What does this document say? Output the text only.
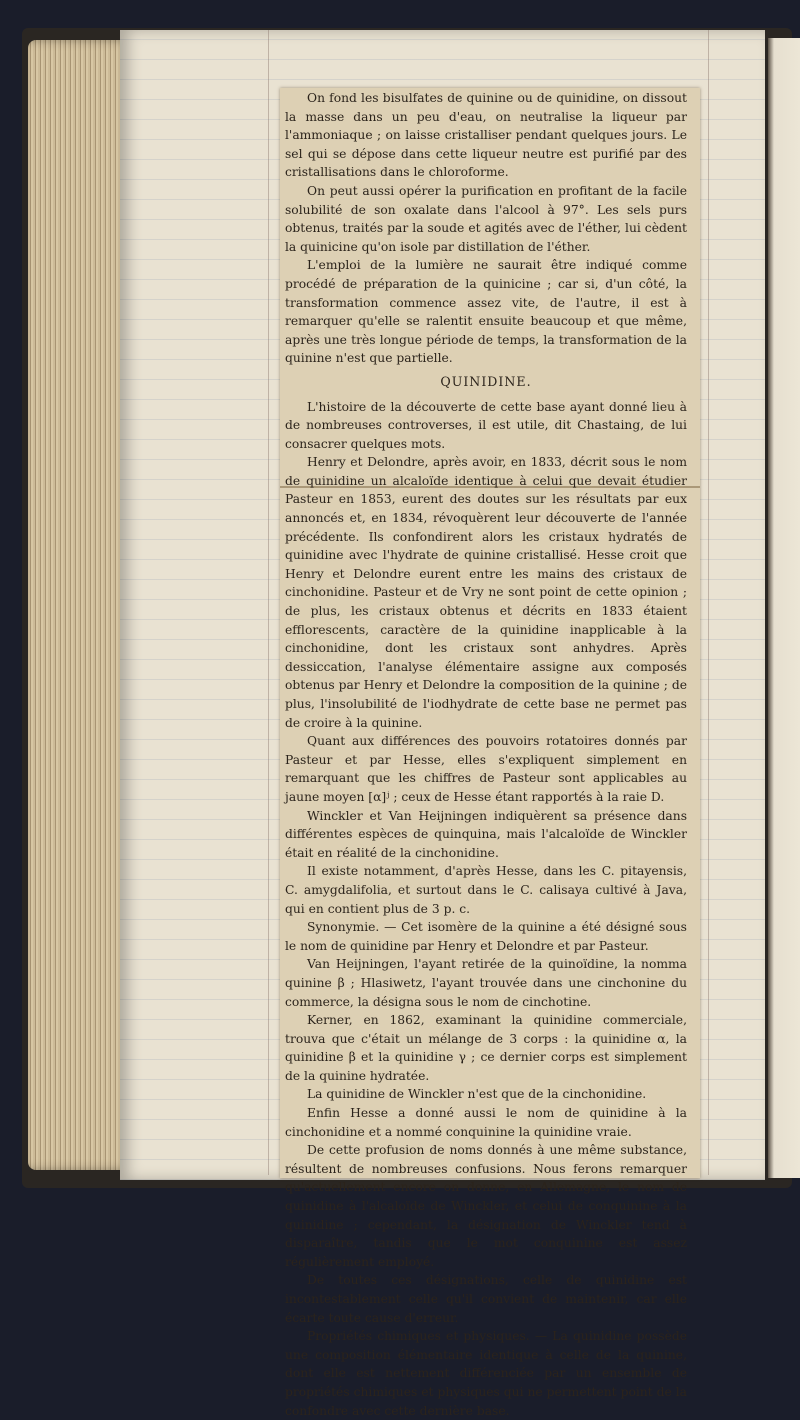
On fond les bisulfates de quinine ou de quinidine, on dissout la masse dans un peu d'eau, on neutralise la liqueur par l'ammoniaque ; on laisse cristalliser pendant quelques jours. Le sel qui se dépose dans cette liqueur neutre est purifié par des cristallisations dans le chloroforme.

On peut aussi opérer la purification en profitant de la facile solubilité de son oxalate dans l'alcool à 97°. Les sels purs obtenus, traités par la soude et agités avec de l'éther, lui cèdent la quinicine qu'on isole par distillation de l'éther.

L'emploi de la lumière ne saurait être indiqué comme procédé de préparation de la quinicine ; car si, d'un côté, la transformation commence assez vite, de l'autre, il est à remarquer qu'elle se ralentit ensuite beaucoup et que même, après une très longue période de temps, la transformation de la quinine n'est que partielle.

QUINIDINE.

L'histoire de la découverte de cette base ayant donné lieu à de nombreuses controverses, il est utile, dit Chastaing, de lui consacrer quelques mots.

Henry et Delondre, après avoir, en 1833, décrit sous le nom de quinidine un alcaloïde identique à celui que devait étudier Pasteur en 1853, eurent des doutes sur les résultats par eux annoncés et, en 1834, révoquèrent leur découverte de l'année précédente. Ils confondirent alors les cristaux hydratés de quinidine avec l'hydrate de quinine cristallisé. Hesse croit que Henry et Delondre eurent entre les mains des cristaux de cinchonidine. Pasteur et de Vry ne sont point de cette opinion ; de plus, les cristaux obtenus et décrits en 1833 étaient efflorescents, caractère de la quinidine inapplicable à la cinchonidine, dont les cristaux sont anhydres. Après dessiccation, l'analyse élémentaire assigne aux composés obtenus par Henry et Delondre la composition de la quinine ; de plus, l'insolubilité de l'iodhydrate de cette base ne permet pas de croire à la quinine.

Quant aux différences des pouvoirs rotatoires donnés par Pasteur et par Hesse, elles s'expliquent simplement en remarquant que les chiffres de Pasteur sont applicables au jaune moyen [α]ʲ ; ceux de Hesse étant rapportés à la raie D.

Winckler et Van Heijningen indiquèrent sa présence dans différentes espèces de quinquina, mais l'alcaloïde de Winckler était en réalité de la cinchonidine.

Il existe notamment, d'après Hesse, dans les C. pitayensis, C. amygdalifolia, et surtout dans le C. calisaya cultivé à Java, qui en contient plus de 3 p. c.

Synonymie. — Cet isomère de la quinine a été désigné sous le nom de quinidine par Henry et Delondre et par Pasteur.

Van Heijningen, l'ayant retirée de la quinoïdine, la nomma quinine β ; Hlasiwetz, l'ayant trouvée dans une cinchonine du commerce, la désigna sous le nom de cinchotine.

Kerner, en 1862, examinant la quinidine commerciale, trouva que c'était un mélange de 3 corps : la quinidine α, la quinidine β et la quinidine γ ; ce dernier corps est simplement de la quinine hydratée.

La quinidine de Winckler n'est que de la cinchonidine.

Enfin Hesse a donné aussi le nom de quinidine à la cinchonidine et a nommé conquinine la quinidine vraie.

De cette profusion de noms donnés à une même substance, résultent de nombreuses confusions. Nous ferons remarquer qu'actuellement encore on donne, en Allemagne, le nom de quinidine à l'alcaloïde de Winckler, et celui de conquinine à la quinidine ; cependant, la désignation de Winckler tend à disparaître, tandis que le mot conquinine est assez régulièrement employé.

De toutes ces désignations, celle de quinidine est incontestablement celle qu'il convient de maintenir, car elle écarte toute cause d'erreur.

Propriétés chimiques et physiques. — La quinidine possède une composition élémentaire identique à celle de la quinine, dont elle est nettement différenciée par un ensemble de propriétés chimiques et physiques qui ne permettent point de la confondre avec cette dernière base.
